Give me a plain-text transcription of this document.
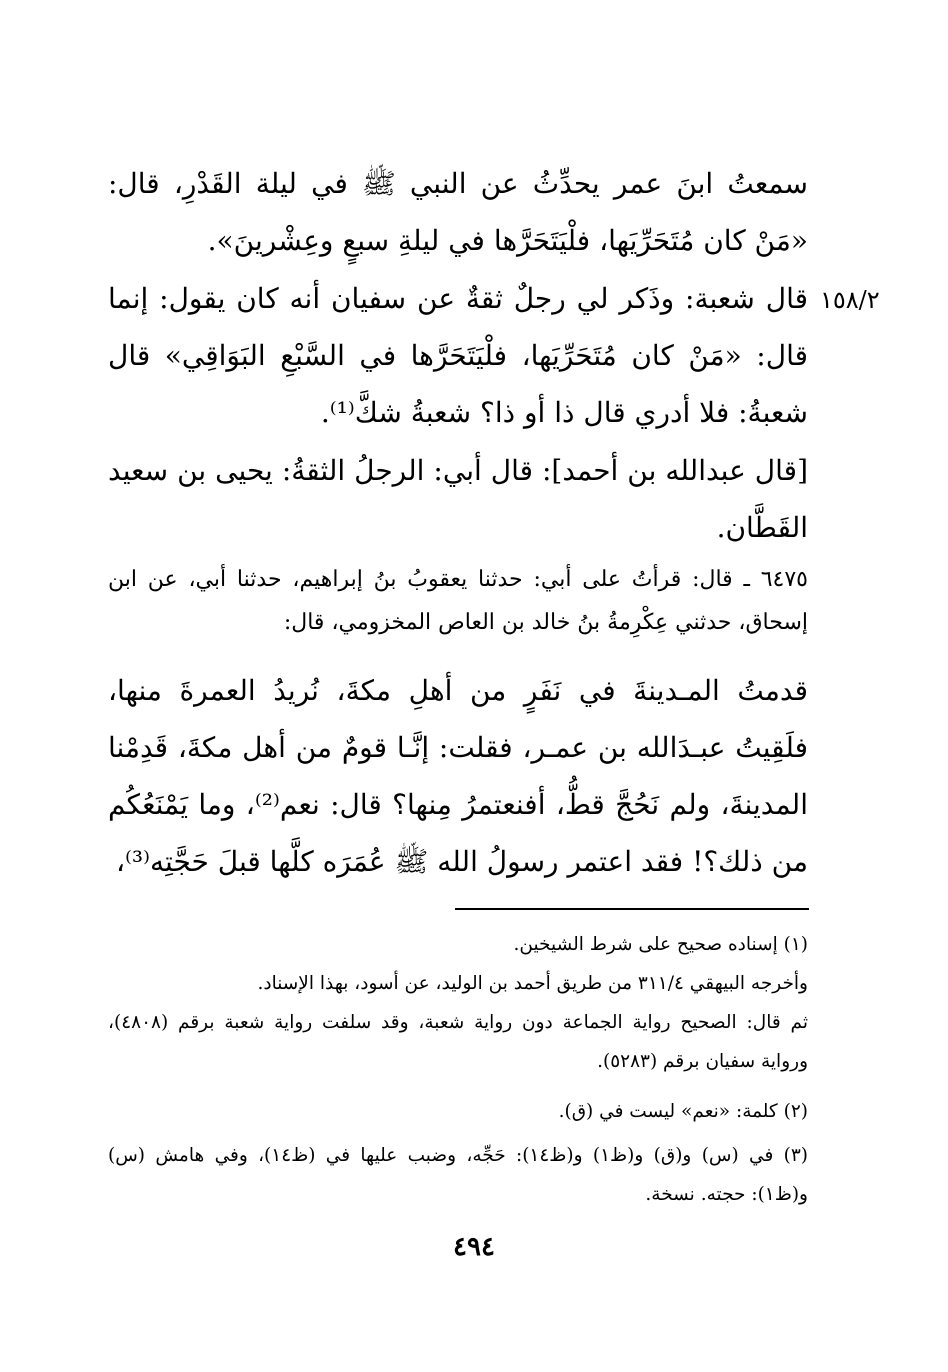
سمعتُ ابنَ عمر يحدِّثُ عن النبي ﷺ في ليلة القَدْرِ، قال: «مَنْ كان مُتَحَرِّيَها، فلْيَتَحَرَّها في ليلةِ سبعٍ وعِشْرينَ».

١٥٨/٢

قال شعبة: وذَكر لي رجلٌ ثقةٌ عن سفيان أنه كان يقول: إنما قال: «مَنْ كان مُتَحَرِّيَها، فلْيَتَحَرَّها في السَّبْعِ البَوَاقِي» قال شعبةُ: فلا أدري قال ذا أو ذا؟ شعبةُ شكَّ⁽¹⁾.

[قال عبدالله بن أحمد]: قال أبي: الرجلُ الثقةُ: يحيى بن سعيد القَطَّان.

٦٤٧٥ ـ قال: قرأتُ على أبي: حدثنا يعقوبُ بنُ إبراهيم، حدثنا أبي، عن ابن إسحاق، حدثني عِكْرِمةُ بنُ خالد بن العاص المخزومي، قال:

قدمتُ المـدينةَ في نَفَرٍ من أهلِ مكةَ، نُريدُ العمرةَ منها، فلَقِيتُ عبـدَالله بن عمـر، فقلت: إنَّـا قومٌ من أهل مكةَ، قَدِمْنا المدينةَ، ولم نَحُجَّ قطُّ، أفنعتمرُ مِنها؟ قال: نعم⁽²⁾، وما يَمْنَعُكُم من ذلك؟! فقد اعتمر رسولُ الله ﷺ عُمَرَه كلَّها قبلَ حَجَّتِه⁽³⁾،

(١) إسناده صحيح على شرط الشيخين.

وأخرجه البيهقي ٣١١/٤ من طريق أحمد بن الوليد، عن أسود، بهذا الإسناد.

ثم قال: الصحيح رواية الجماعة دون رواية شعبة، وقد سلفت رواية شعبة برقم (٤٨٠٨)، ورواية سفيان برقم (٥٢٨٣).

(٢) كلمة: «نعم» ليست في (ق).

(٣) في (س) و(ق) و(ظ١) و(ظ١٤): حَجِّه، وضبب عليها في (ظ١٤)، وفي هامش (س) و(ظ١): حجته. نسخة.

٤٩٤
